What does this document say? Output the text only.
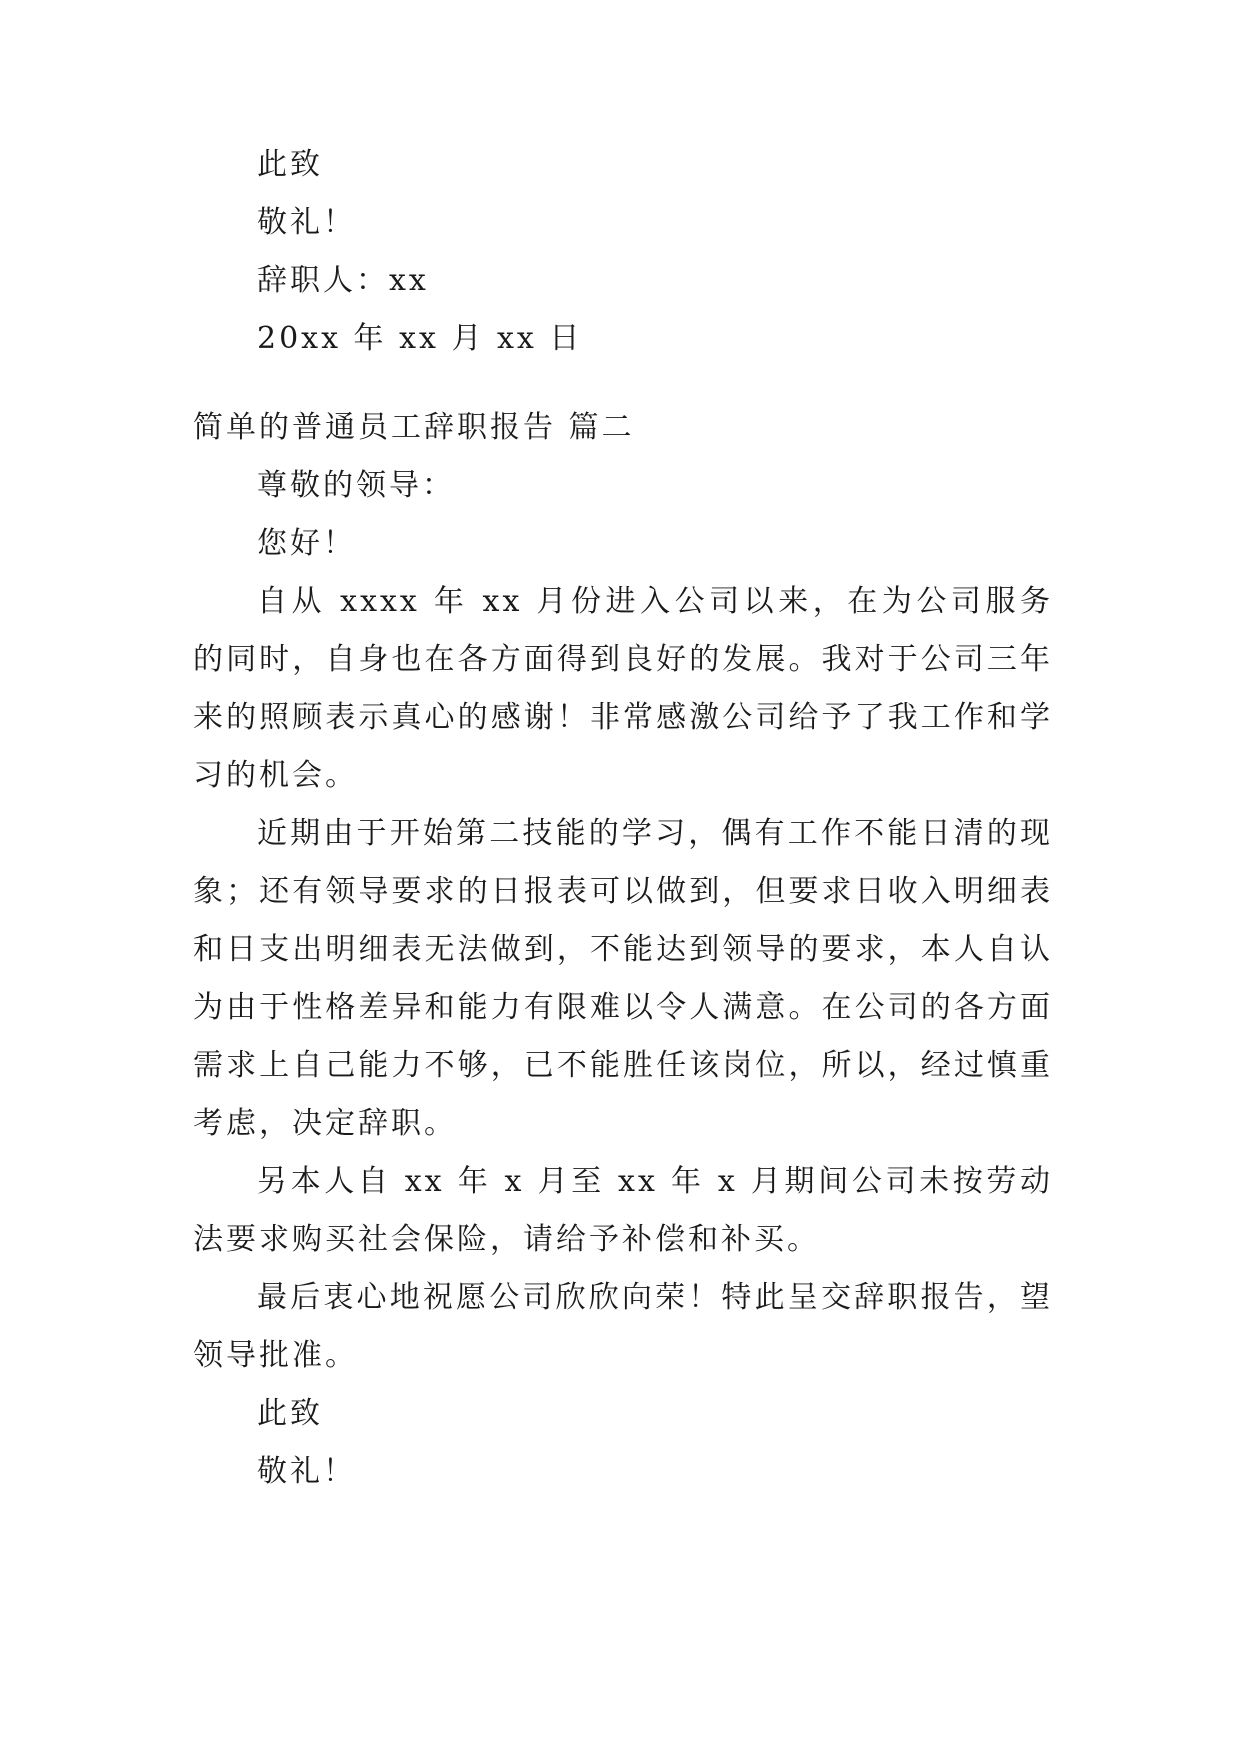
此致

敬礼！

辞职人：xx

20xx 年 xx 月 xx 日

简单的普通员工辞职报告 篇二

尊敬的领导：

您好！

自从 xxxx 年 xx 月份进入公司以来，在为公司服务的同时，自身也在各方面得到良好的发展。我对于公司三年来的照顾表示真心的感谢！非常感激公司给予了我工作和学习的机会。

近期由于开始第二技能的学习，偶有工作不能日清的现象；还有领导要求的日报表可以做到，但要求日收入明细表和日支出明细表无法做到，不能达到领导的要求，本人自认为由于性格差异和能力有限难以令人满意。在公司的各方面需求上自己能力不够，已不能胜任该岗位，所以，经过慎重考虑，决定辞职。

另本人自 xx 年 x 月至 xx 年 x 月期间公司未按劳动法要求购买社会保险，请给予补偿和补买。

最后衷心地祝愿公司欣欣向荣！特此呈交辞职报告，望领导批准。

此致

敬礼！
